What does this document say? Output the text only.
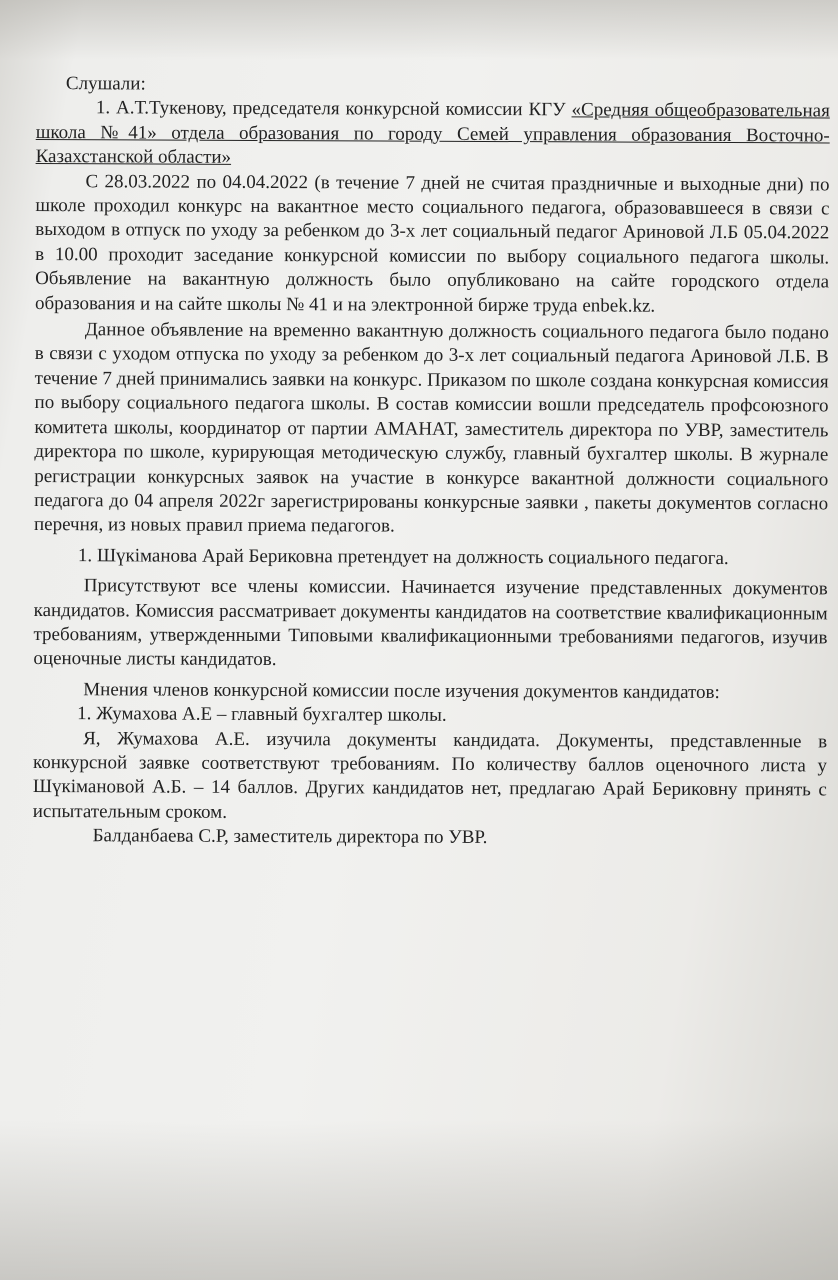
Слушали:

1. А.Т.Тукенову, председателя конкурсной комиссии КГУ «Средняя общеобразовательная школа №41» отдела образования по городу Семей управления образования Восточно-Казахстанской области»

С 28.03.2022 по 04.04.2022 (в течение 7 дней не считая праздничные и выходные дни) по школе проходил конкурс на вакантное место социального педагога, образовавшееся в связи с выходом в отпуск по уходу за ребенком до 3-х лет социальный педагог Ариновой Л.Б 05.04.2022 в 10.00 проходит заседание конкурсной комиссии по выбору социального педагога школы. Обьявление на вакантную должность было опубликовано на сайте городского отдела образования и на сайте школы № 41 и на электронной бирже труда enbek.kz.

Данное объявление на временно вакантную должность социального педагога было подано в связи с уходом отпуска по уходу за ребенком до 3-х лет социальный педагога Ариновой Л.Б. В течение 7 дней принимались заявки на конкурс. Приказом по школе создана конкурсная комиссия по выбору социального педагога школы. В состав комиссии вошли председатель профсоюзного комитета школы, координатор от партии АМАНАТ, заместитель директора по УВР, заместитель директора по школе, курирующая методическую службу, главный бухгалтер школы. В журнале регистрации конкурсных заявок на участие в конкурсе вакантной должности социального педагога до 04 апреля 2022г зарегистрированы конкурсные заявки , пакеты документов согласно перечня, из новых правил приема педагогов.

1. Шүкіманова Арай Бериковна претендует на должность социального педагога.

Присутствуют все члены комиссии. Начинается изучение представленных документов кандидатов. Комиссия рассматривает документы кандидатов на соответствие квалификационным требованиям, утвержденными Типовыми квалификационными требованиями педагогов, изучив оценочные листы кандидатов.

Мнения членов конкурсной комиссии после изучения документов кандидатов:

1. Жумахова А.Е – главный бухгалтер школы.

Я, Жумахова А.Е. изучила документы кандидата. Документы, представленные в конкурсной заявке соответствуют требованиям. По количеству баллов оценочного листа у Шүкімановой А.Б. – 14 баллов. Других кандидатов нет, предлагаю Арай Бериковну принять с испытательным сроком.

Балданбаева С.Р, заместитель директора по УВР.
